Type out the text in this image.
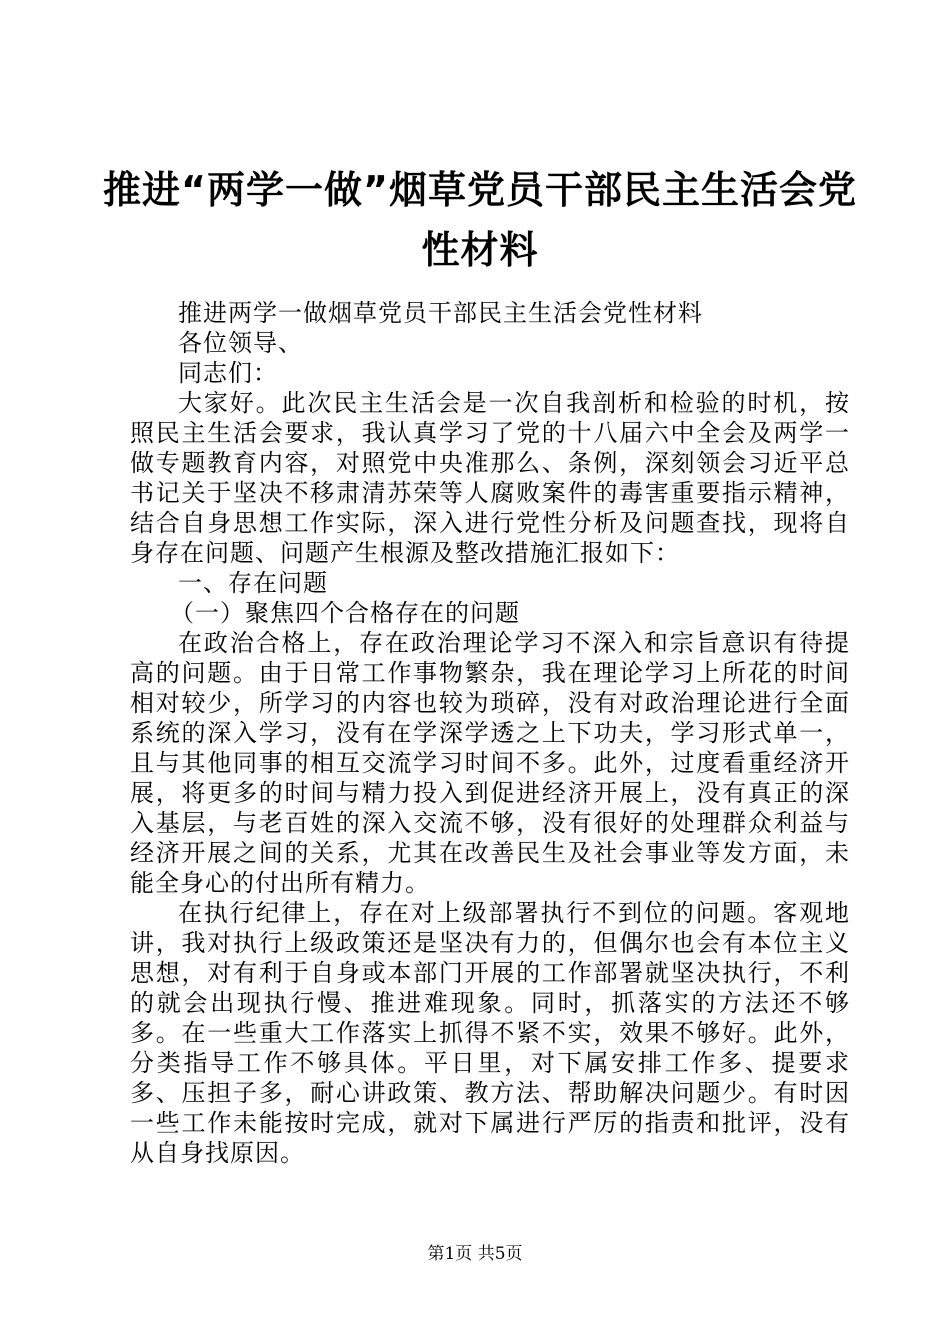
推进“两学一做”烟草党员干部民主生活会党性材料

推进两学一做烟草党员干部民主生活会党性材料

各位领导、

同志们：

大家好。此次民主生活会是一次自我剖析和检验的时机，按照民主生活会要求，我认真学习了党的十八届六中全会及两学一做专题教育内容，对照党中央准那么、条例，深刻领会习近平总书记关于坚决不移肃清苏荣等人腐败案件的毒害重要指示精神，结合自身思想工作实际，深入进行党性分析及问题查找，现将自身存在问题、问题产生根源及整改措施汇报如下：

一、存在问题

（一）聚焦四个合格存在的问题

在政治合格上，存在政治理论学习不深入和宗旨意识有待提高的问题。由于日常工作事物繁杂，我在理论学习上所花的时间相对较少，所学习的内容也较为琐碎，没有对政治理论进行全面系统的深入学习，没有在学深学透之上下功夫，学习形式单一，且与其他同事的相互交流学习时间不多。此外，过度看重经济开展，将更多的时间与精力投入到促进经济开展上，没有真正的深入基层，与老百姓的深入交流不够，没有很好的处理群众利益与经济开展之间的关系，尤其在改善民生及社会事业等发方面，未能全身心的付出所有精力。

在执行纪律上，存在对上级部署执行不到位的问题。客观地讲，我对执行上级政策还是坚决有力的，但偶尔也会有本位主义思想，对有利于自身或本部门开展的工作部署就坚决执行，不利的就会出现执行慢、推进难现象。同时，抓落实的方法还不够多。在一些重大工作落实上抓得不紧不实，效果不够好。此外，分类指导工作不够具体。平日里，对下属安排工作多、提要求多、压担子多，耐心讲政策、教方法、帮助解决问题少。有时因一些工作未能按时完成，就对下属进行严厉的指责和批评，没有从自身找原因。

第1页 共5页
